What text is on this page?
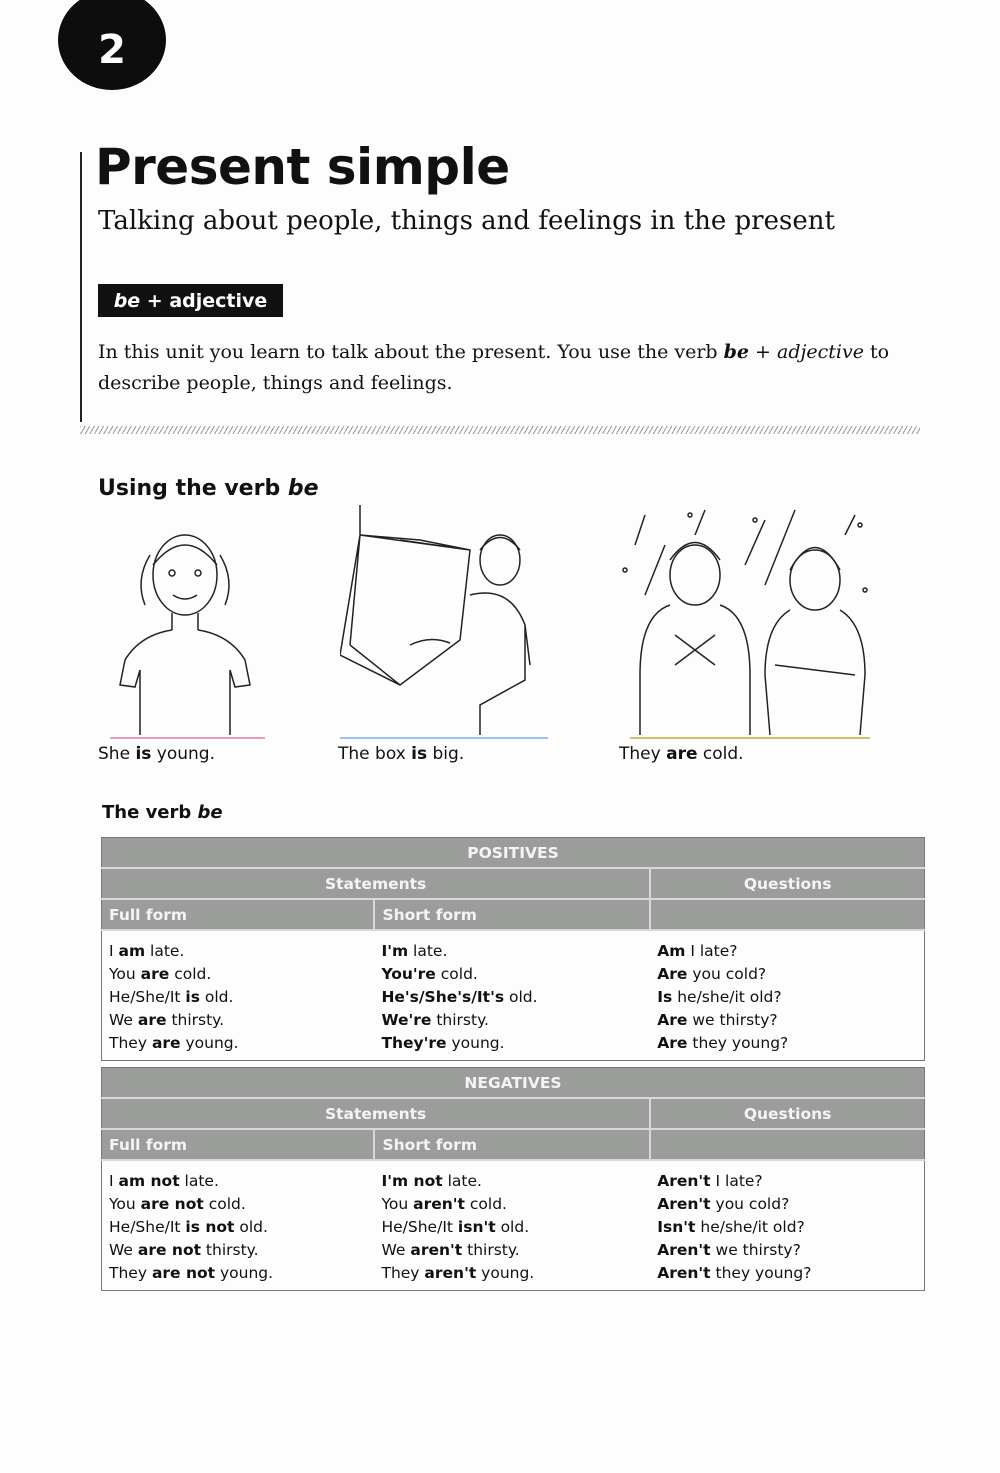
2
Present simple
Talking about people, things and feelings in the present
be + adjective
In this unit you learn to talk about the present. You use the verb be + adjective to describe people, things and feelings.
Using the verb be
She is young.	The box is big.	They are cold.
The verb be
POSITIVES		
Statements		Questions
Full form	Short form	
I am late.	I'm late.	Am I late?
You are cold.	You're cold.	Are you cold?
He/She/It is old.	He's/She's/It's old.	Is he/she/it old?
We are thirsty.	We're thirsty.	Are we thirsty?
They are young.	They're young.	Are they young?
NEGATIVES		
Statements		Questions
Full form	Short form	
I am not late.	I'm not late.	Aren't I late?
You are not cold.	You aren't cold.	Aren't you cold?
He/She/It is not old.	He/She/It isn't old.	Isn't he/she/it old?
We are not thirsty.	We aren't thirsty.	Aren't we thirsty?
They are not young.	They aren't young.	Aren't they young?
